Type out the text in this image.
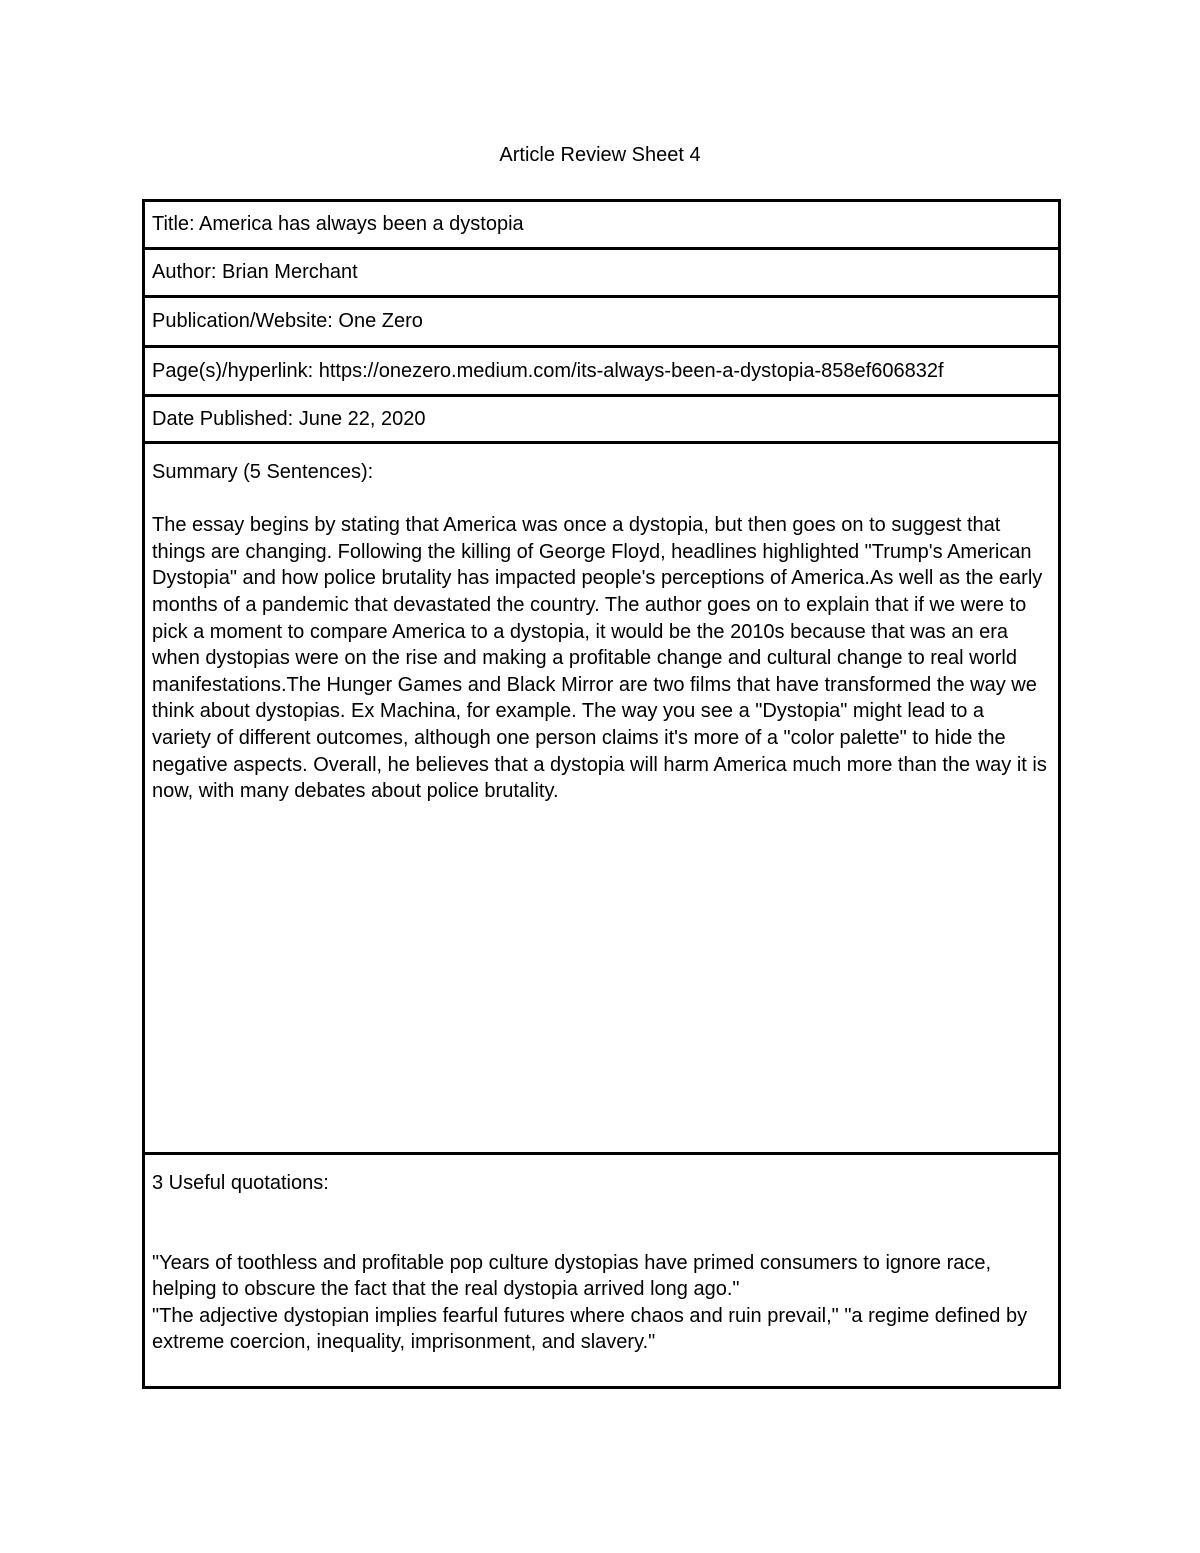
Article Review Sheet 4
Title: America has always been a dystopia
Author: Brian Merchant
Publication/Website: One Zero
Page(s)/hyperlink: https://onezero.medium.com/its-always-been-a-dystopia-858ef606832f
Date Published: June 22, 2020

Summary (5 Sentences):

The essay begins by stating that America was once a dystopia, but then goes on to suggest that things are changing. Following the killing of George Floyd, headlines highlighted "Trump's American Dystopia" and how police brutality has impacted people's perceptions of America.As well as the early months of a pandemic that devastated the country. The author goes on to explain that if we were to pick a moment to compare America to a dystopia, it would be the 2010s because that was an era when dystopias were on the rise and making a profitable change and cultural change to real world manifestations.The Hunger Games and Black Mirror are two films that have transformed the way we think about dystopias. Ex Machina, for example. The way you see a "Dystopia" might lead to a variety of different outcomes, although one person claims it's more of a "color palette" to hide the negative aspects. Overall, he believes that a dystopia will harm America much more than the way it is now, with many debates about police brutality.

3 Useful quotations:

"Years of toothless and profitable pop culture dystopias have primed consumers to ignore race, helping to obscure the fact that the real dystopia arrived long ago."

"The adjective dystopian implies fearful futures where chaos and ruin prevail," "a regime defined by extreme coercion, inequality, imprisonment, and slavery."
